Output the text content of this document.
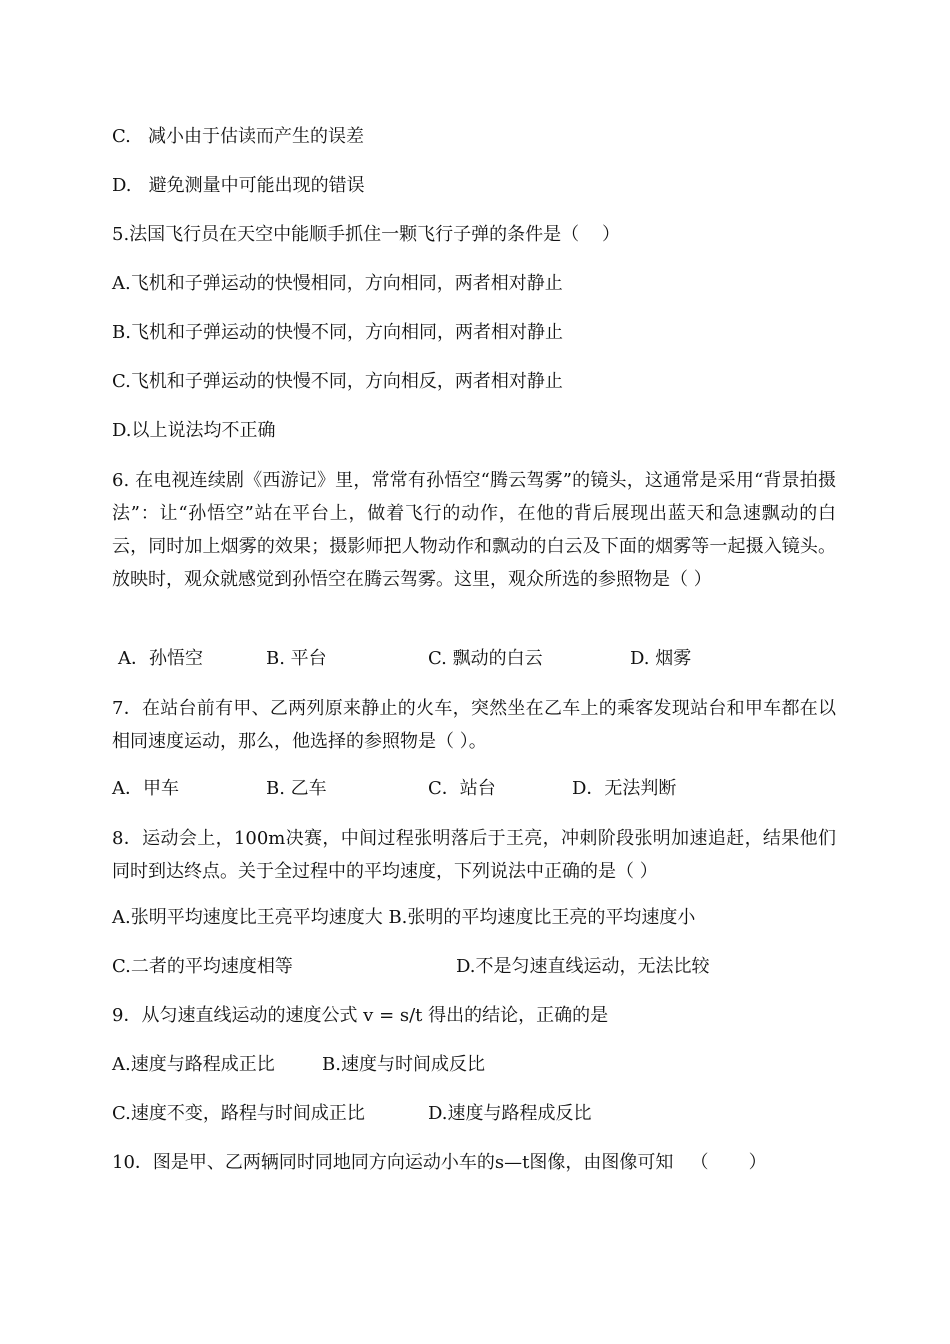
C.   减小由于估读而产生的误差
D.   避免测量中可能出现的错误
5.法国飞行员在天空中能顺手抓住一颗飞行子弹的条件是（    ）
A.飞机和子弹运动的快慢相同，方向相同，两者相对静止
B.飞机和子弹运动的快慢不同，方向相同，两者相对静止
C.飞机和子弹运动的快慢不同，方向相反，两者相对静止
D.以上说法均不正确
6. 在电视连续剧《西游记》里，常常有孙悟空“腾云驾雾”的镜头，这通常是采用“背景拍摄法”：让“孙悟空”站在平台上，做着飞行的动作，在他的背后展现出蓝天和急速飘动的白云，同时加上烟雾的效果；摄影师把人物动作和飘动的白云及下面的烟雾等一起摄入镜头。放映时，观众就感觉到孙悟空在腾云驾雾。这里，观众所选的参照物是（ ）
A．孙悟空	B. 平台	C. 飘动的白云	D. 烟雾
7．在站台前有甲、乙两列原来静止的火车，突然坐在乙车上的乘客发现站台和甲车都在以相同速度运动，那么，他选择的参照物是（ ）。
A．甲车	B. 乙车	C．站台	D．无法判断
8．运动会上，100m决赛，中间过程张明落后于王亮，冲刺阶段张明加速追赶，结果他们同时到达终点。关于全过程中的平均速度，下列说法中正确的是（ ）
A.张明平均速度比王亮平均速度大 B.张明的平均速度比王亮的平均速度小
C.二者的平均速度相等	D.不是匀速直线运动，无法比较
9．从匀速直线运动的速度公式 v = s/t 得出的结论，正确的是
A.速度与路程成正比	B.速度与时间成反比
C.速度不变，路程与时间成正比	D.速度与路程成反比
10．图是甲、乙两辆同时同地同方向运动小车的s—t图像，由图像可知   （       ）
